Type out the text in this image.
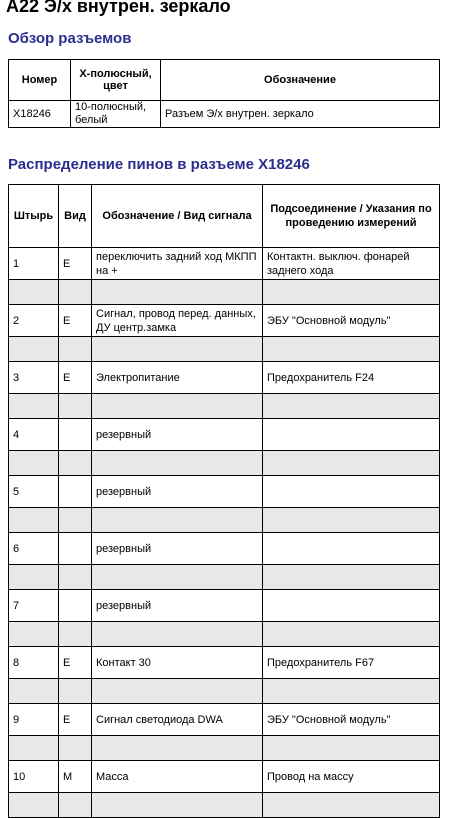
A22 Э/х внутрен. зеркало
Обзор разъемов
Номер	Х-полюсный, цвет	Обозначение
X18246	10-полюсный, белый	Разъем Э/х внутрен. зеркало
Распределение пинов в разъеме X18246
Штырь	Вид	Обозначение / Вид сигнала	Подсоединение / Указания по проведению измерений
1	E	переключить задний ход МКПП на +	Контактн. выключ. фонарей заднего хода

2	E	Сигнал, провод перед. данных, ДУ центр.замка	ЭБУ "Основной модуль"

3	E	Электропитание	Предохранитель F24

4		резервный	

5		резервный	

6		резервный	

7		резервный	

8	E	Контакт 30	Предохранитель F67

9	E	Сигнал светодиода DWA	ЭБУ "Основной модуль"

10	M	Масса	Провод на массу
